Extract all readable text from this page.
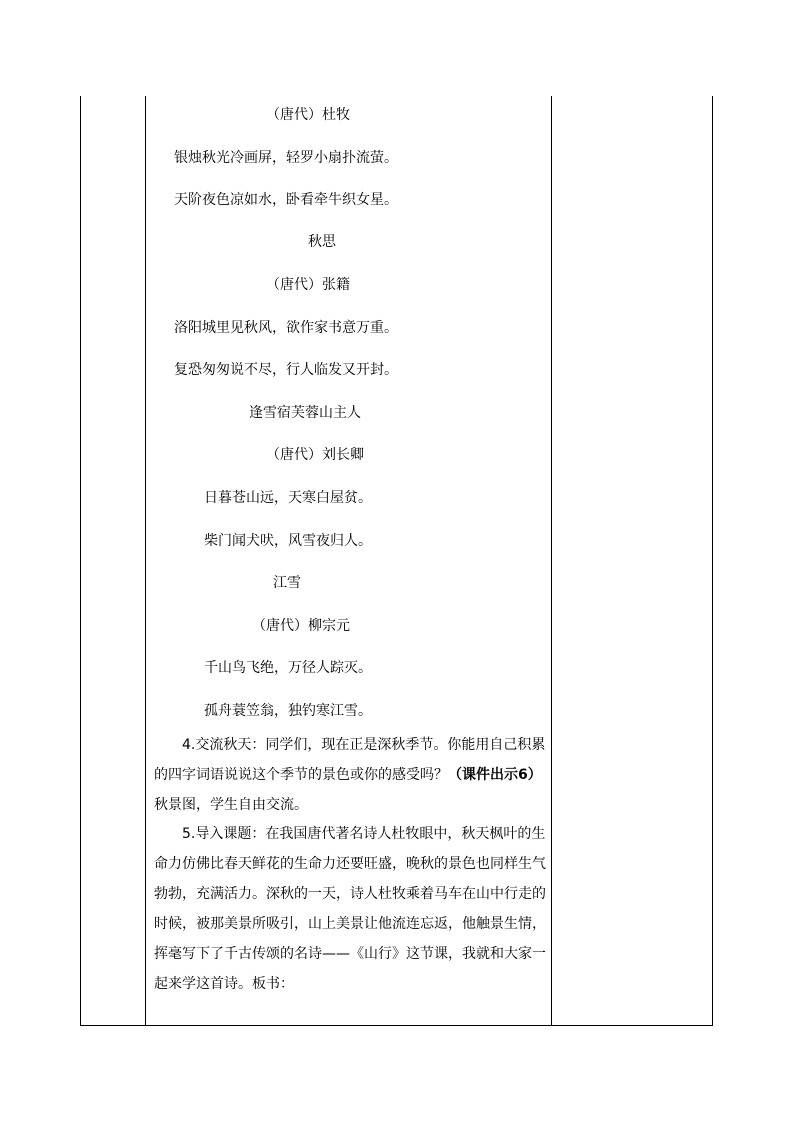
（唐代）杜牧
银烛秋光冷画屏，轻罗小扇扑流萤。
天阶夜色凉如水，卧看牵牛织女星。
秋思
（唐代）张籍
洛阳城里见秋风，欲作家书意万重。
复恐匆匆说不尽，行人临发又开封。
逢雪宿芙蓉山主人
（唐代）刘长卿
日暮苍山远，天寒白屋贫。
柴门闻犬吠，风雪夜归人。
江雪
（唐代）柳宗元
千山鸟飞绝，万径人踪灭。
孤舟蓑笠翁，独钓寒江雪。
4.交流秋天：同学们，现在正是深秋季节。你能用自己积累的四字词语说说这个季节的景色或你的感受吗？（课件出示6）秋景图，学生自由交流。
5.导入课题：在我国唐代著名诗人杜牧眼中，秋天枫叶的生命力仿佛比春天鲜花的生命力还要旺盛，晚秋的景色也同样生气勃勃，充满活力。深秋的一天，诗人杜牧乘着马车在山中行走的时候，被那美景所吸引，山上美景让他流连忘返，他触景生情，挥毫写下了千古传颂的名诗——《山行》这节课，我就和大家一起来学这首诗。板书：
